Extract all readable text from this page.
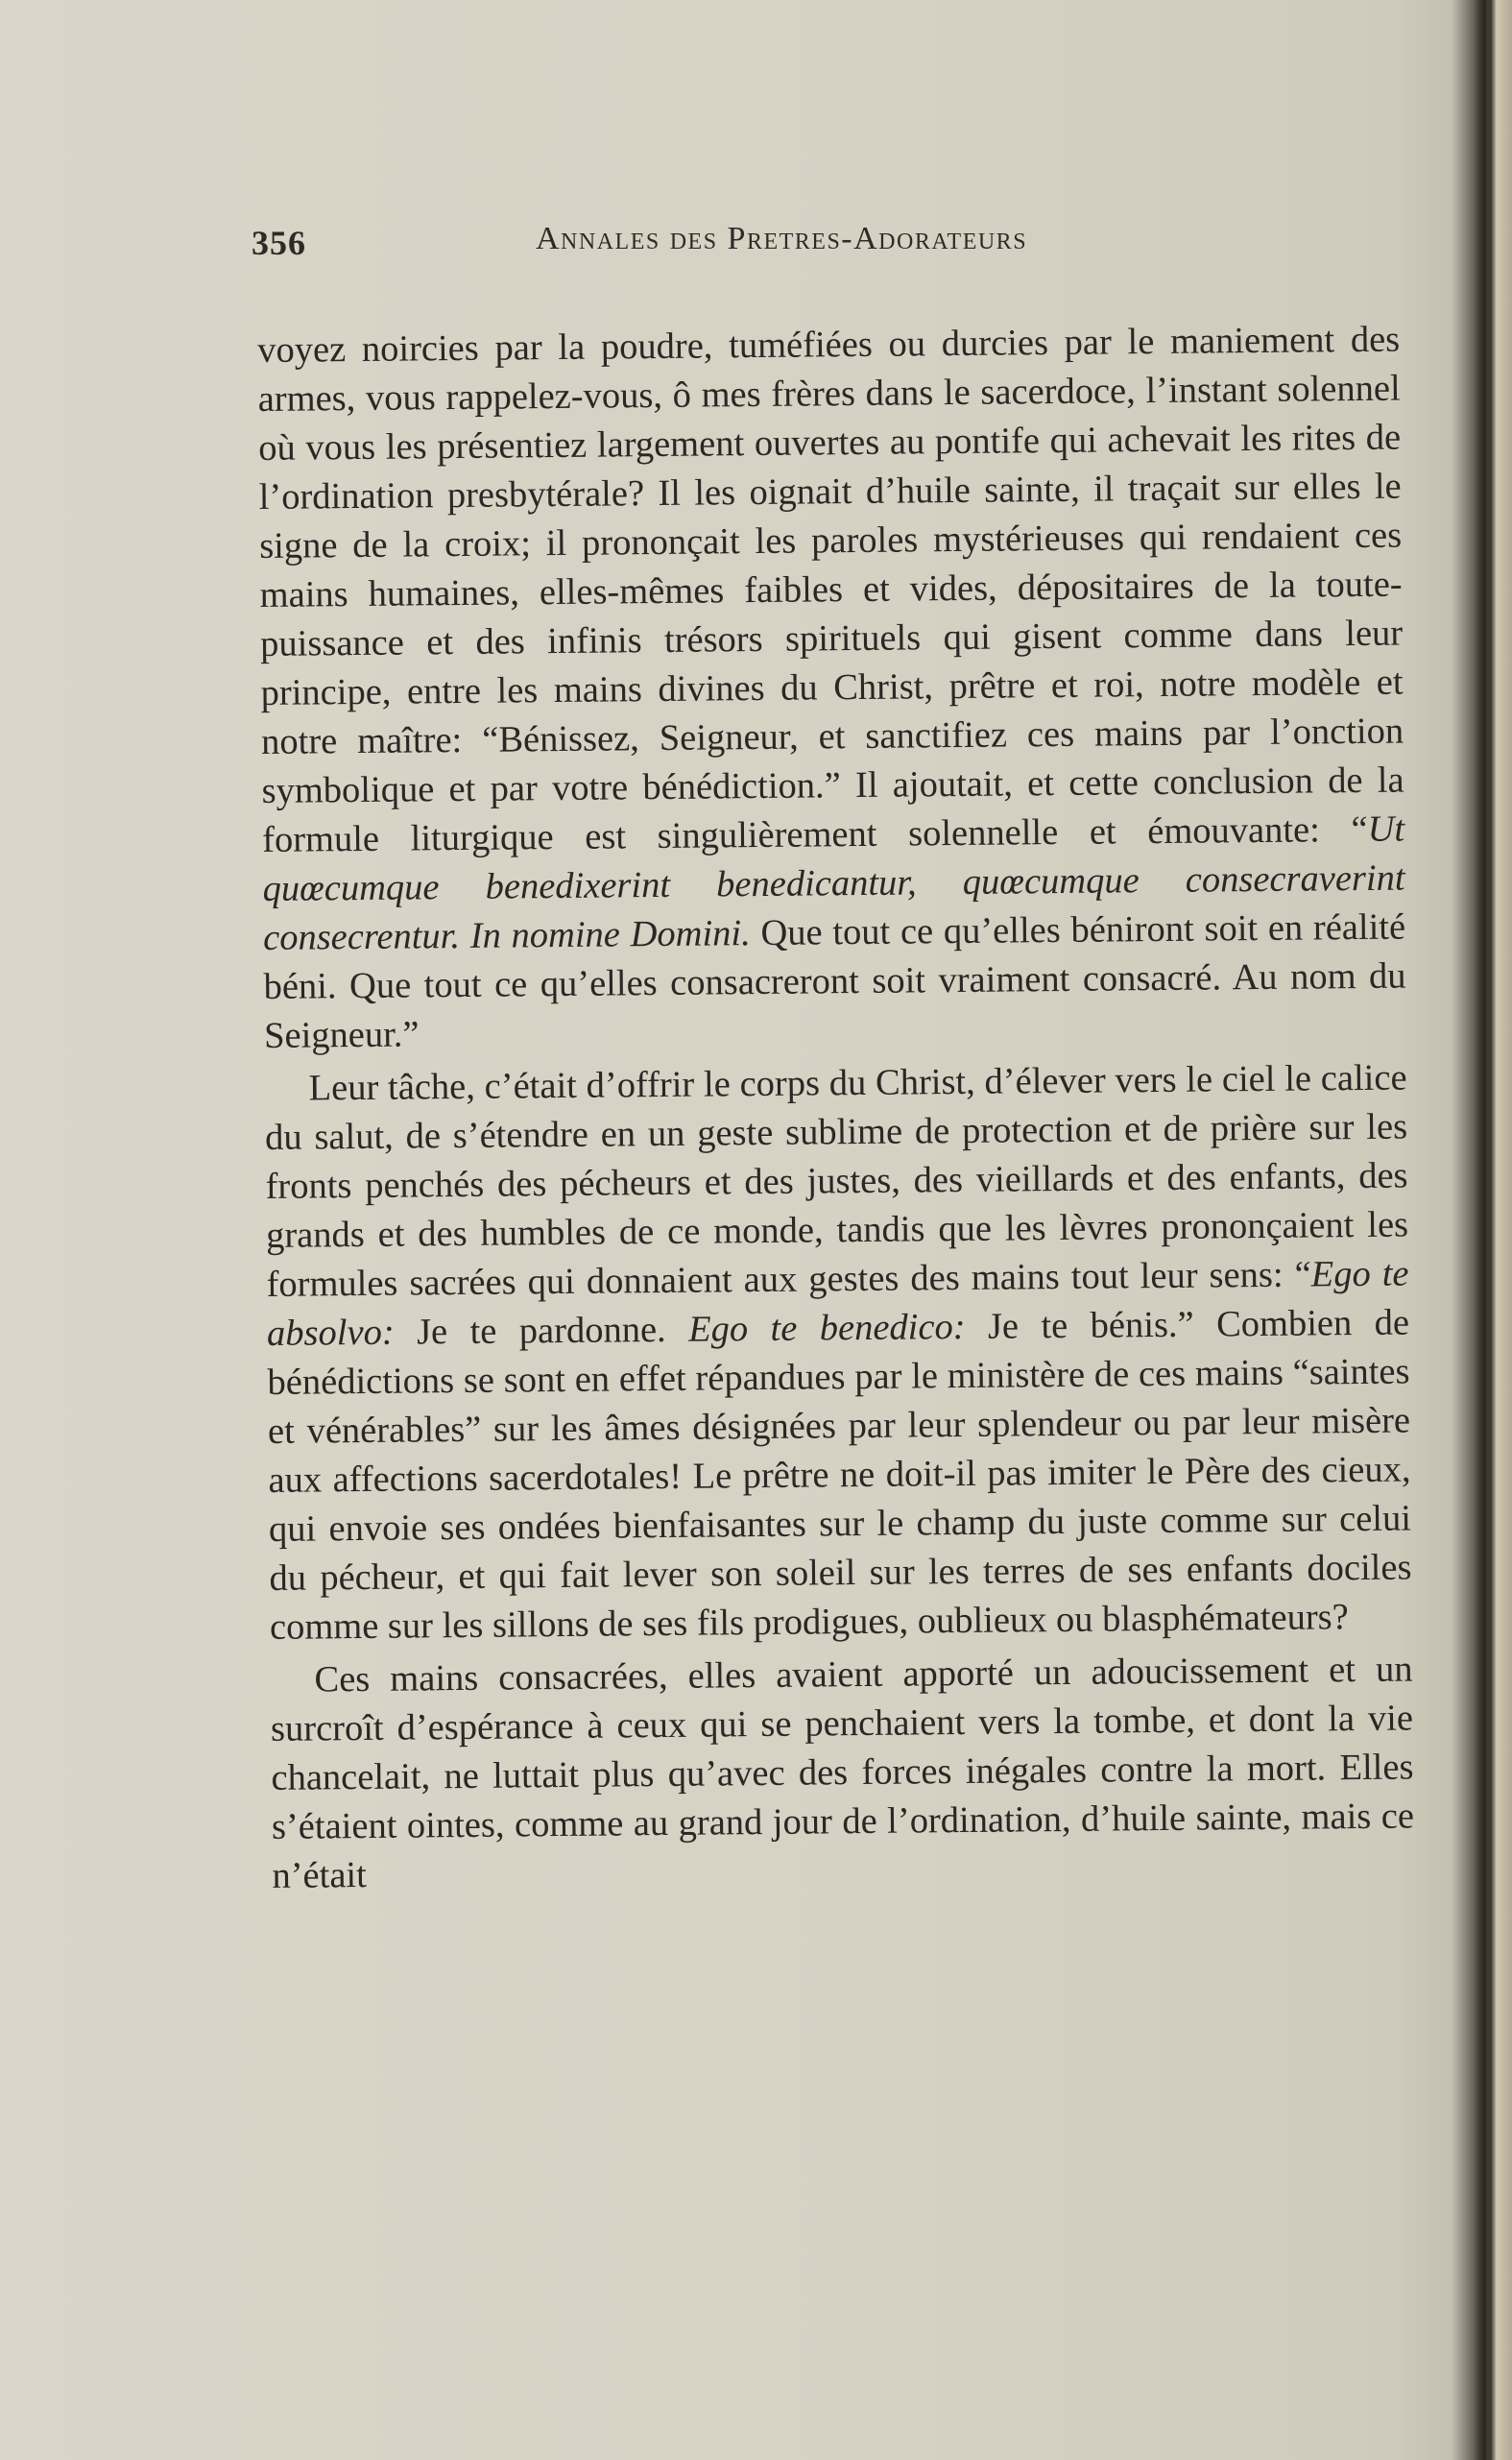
356	Annales des Pretres-Adorateurs

voyez noircies par la poudre, tuméfiées ou durcies par le maniement des armes, vous rappelez-vous, ô mes frères dans le sacerdoce, l’instant solennel où vous les présentiez largement ouvertes au pontife qui achevait les rites de l’ordination presbytérale? Il les oignait d’huile sainte, il traçait sur elles le signe de la croix; il prononçait les paroles mystérieuses qui rendaient ces mains humaines, elles-mêmes faibles et vides, dépositaires de la toute-puissance et des infinis trésors spirituels qui gisent comme dans leur principe, entre les mains divines du Christ, prêtre et roi, notre modèle et notre maître: “Bénissez, Seigneur, et sanctifiez ces mains par l’onction symbolique et par votre bénédiction.” Il ajoutait, et cette conclusion de la formule liturgique est singulièrement solennelle et émouvante: “Ut quœcumque benedixerint benedicantur, quœcumque consecraverint consecrentur. In nomine Domini. Que tout ce qu’elles béniront soit en réalité béni. Que tout ce qu’elles consacreront soit vraiment consacré. Au nom du Seigneur.”

Leur tâche, c’était d’offrir le corps du Christ, d’élever vers le ciel le calice du salut, de s’étendre en un geste sublime de protection et de prière sur les fronts penchés des pécheurs et des justes, des vieillards et des enfants, des grands et des humbles de ce monde, tandis que les lèvres prononçaient les formules sacrées qui donnaient aux gestes des mains tout leur sens: “Ego te absolvo: Je te pardonne. Ego te benedico: Je te bénis.” Combien de bénédictions se sont en effet répandues par le ministère de ces mains “saintes et vénérables” sur les âmes désignées par leur splendeur ou par leur misère aux affections sacerdotales! Le prêtre ne doit-il pas imiter le Père des cieux, qui envoie ses ondées bienfaisantes sur le champ du juste comme sur celui du pécheur, et qui fait lever son soleil sur les terres de ses enfants dociles comme sur les sillons de ses fils prodigues, oublieux ou blasphémateurs?

Ces mains consacrées, elles avaient apporté un adoucissement et un surcroît d’espérance à ceux qui se penchaient vers la tombe, et dont la vie chancelait, ne luttait plus qu’avec des forces inégales contre la mort. Elles s’étaient ointes, comme au grand jour de l’ordination, d’huile sainte, mais ce n’était
